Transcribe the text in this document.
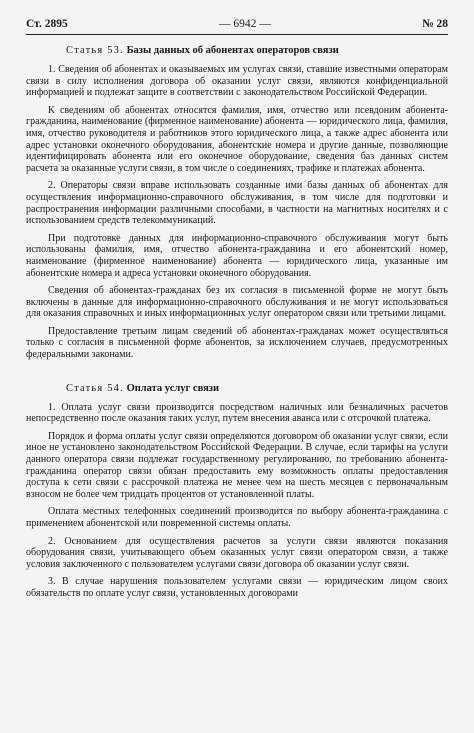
Ст. 2895	— 6942 —	№ 28
Статья 53. Базы данных об абонентах операторов связи

1. Сведения об абонентах и оказываемых им услугах связи, ставшие известными операторам связи в силу исполнения договора об оказании услуг связи, являются конфиденциальной информацией и подлежат защите в соответствии с законодательством Российской Федерации.

К сведениям об абонентах относятся фамилия, имя, отчество или псевдоним абонента-гражданина, наименование (фирменное наименование) абонента — юридического лица, фамилия, имя, отчество руководителя и работников этого юридического лица, а также адрес абонента или адрес установки оконечного оборудования, абонентские номера и другие данные, позволяющие идентифицировать абонента или его оконечное оборудование, сведения баз данных систем расчета за оказанные услуги связи, в том числе о соединениях, трафике и платежах абонента.

2. Операторы связи вправе использовать созданные ими базы данных об абонентах для осуществления информационно-справочного обслуживания, в том числе для подготовки и распространения информации различными способами, в частности на магнитных носителях и с использованием средств телекоммуникаций.

При подготовке данных для информационно-справочного обслуживания могут быть использованы фамилия, имя, отчество абонента-гражданина и его абонентский номер, наименование (фирменное наименование) абонента — юридического лица, указанные им абонентские номера и адреса установки оконечного оборудования.

Сведения об абонентах-гражданах без их согласия в письменной форме не могут быть включены в данные для информационно-справочного обслуживания и не могут использоваться для оказания справочных и иных информационных услуг оператором связи или третьими лицами.

Предоставление третьим лицам сведений об абонентах-гражданах может осуществляться только с согласия в письменной форме абонентов, за исключением случаев, предусмотренных федеральными законами.

Статья 54. Оплата услуг связи

1. Оплата услуг связи производится посредством наличных или безналичных расчетов непосредственно после оказания таких услуг, путем внесения аванса или с отсрочкой платежа.

Порядок и форма оплаты услуг связи определяются договором об оказании услуг связи, если иное не установлено законодательством Российской Федерации. В случае, если тарифы на услуги данного оператора связи подлежат государственному регулированию, по требованию абонента-гражданина оператор связи обязан предоставить ему возможность оплаты предоставления доступа к сети связи с рассрочкой платежа не менее чем на шесть месяцев с первоначальным взносом не более чем тридцать процентов от установленной платы.

Оплата местных телефонных соединений производится по выбору абонента-гражданина с применением абонентской или повременной системы оплаты.

2. Основанием для осуществления расчетов за услуги связи являются показания оборудования связи, учитывающего объем оказанных услуг связи оператором связи, а также условия заключенного с пользователем услугами связи договора об оказании услуг связи.

3. В случае нарушения пользователем услугами связи — юридическим лицом своих обязательств по оплате услуг связи, установленных договорами
